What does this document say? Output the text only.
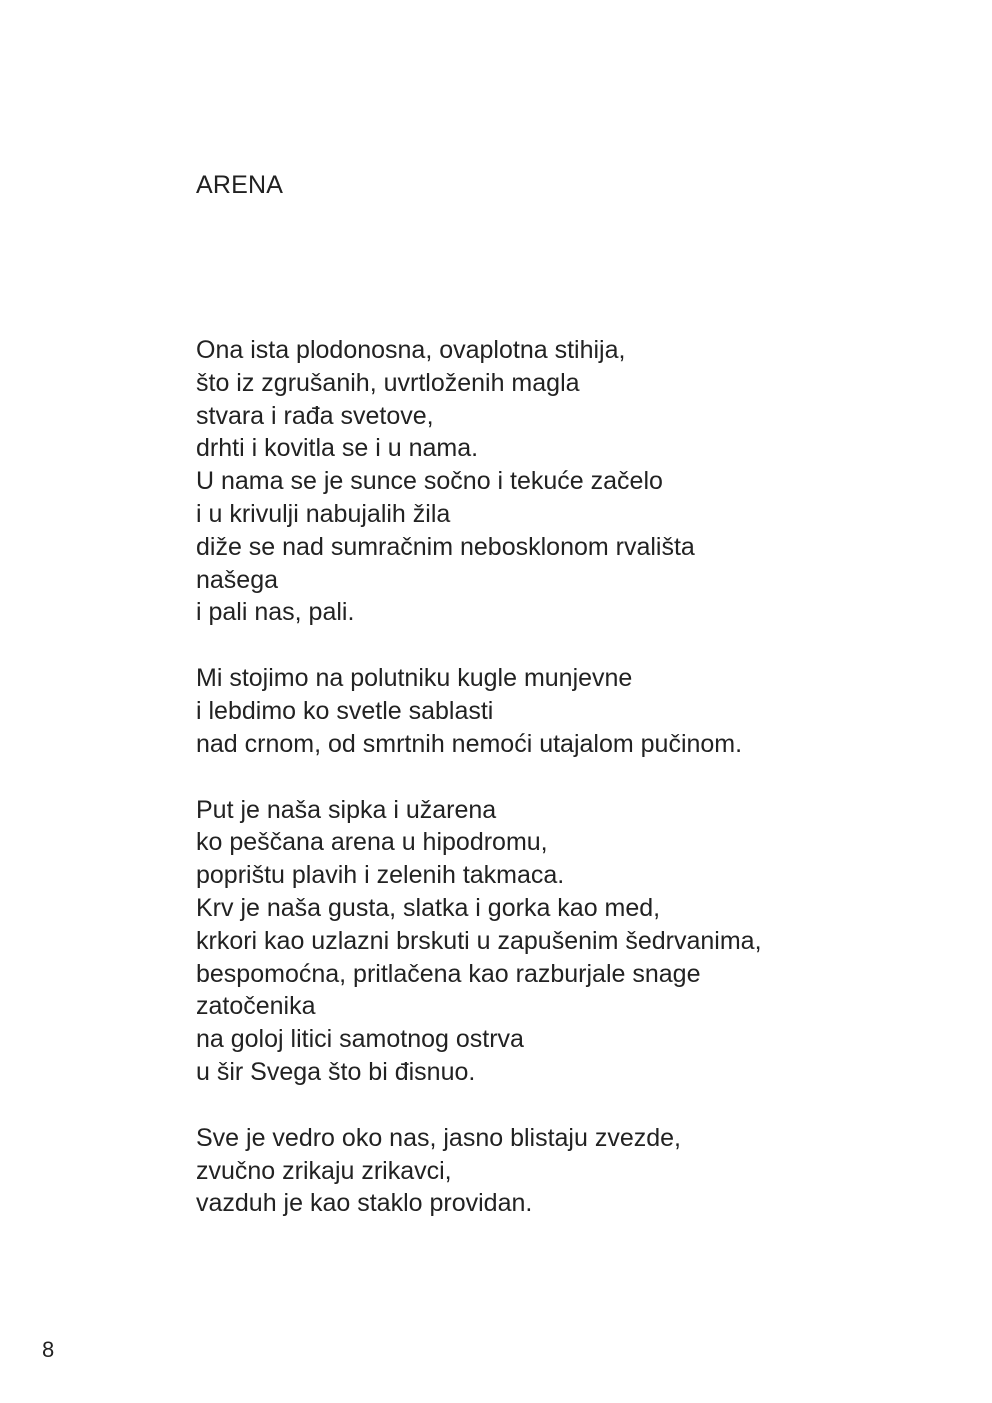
ARENA
Ona ista plodonosna, ovaplotna stihija,
što iz zgrušanih, uvrtloženih magla
stvara i rađa svetove,
drhti i kovitla se i u nama.
U nama se je sunce sočno i tekuće začelo
i u krivulji nabujalih žila
diže se nad sumračnim nebosklonom rvališta
našega
i pali nas, pali.
Mi stojimo na polutniku kugle munjevne
i lebdimo ko svetle sablasti
nad crnom, od smrtnih nemoći utajalom pučinom.
Put je naša sipka i užarena
ko peščana arena u hipodromu,
poprištu plavih i zelenih takmaca.
Krv je naša gusta, slatka i gorka kao med,
krkori kao uzlazni brskuti u zapušenim šedrvanima,
bespomoćna, pritlačena kao razburjale snage
zatočenika
na goloj litici samotnog ostrva
u šir Svega što bi đisnuo.
Sve je vedro oko nas, jasno blistaju zvezde,
zvučno zrikaju zrikavci,
vazduh je kao staklo providan.
8
